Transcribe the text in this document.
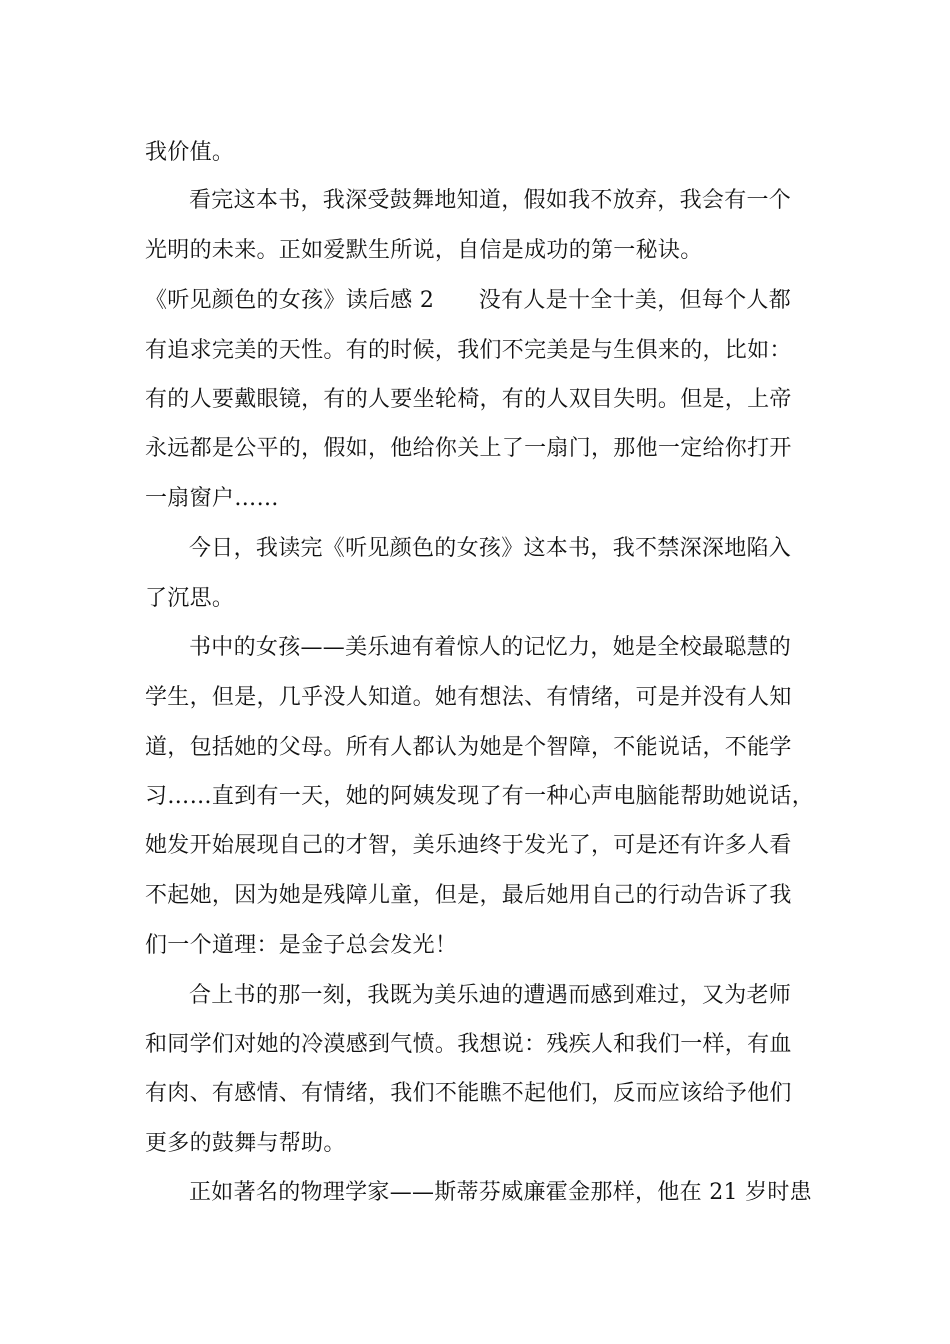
我价值。
看完这本书，我深受鼓舞地知道，假如我不放弃，我会有一个
光明的未来。正如爱默生所说，自信是成功的第一秘诀。
《听见颜色的女孩》读后感 2　　没有人是十全十美，但每个人都
有追求完美的天性。有的时候，我们不完美是与生俱来的，比如：
有的人要戴眼镜，有的人要坐轮椅，有的人双目失明。但是，上帝
永远都是公平的，假如，他给你关上了一扇门，那他一定给你打开
一扇窗户……
今日，我读完《听见颜色的女孩》这本书，我不禁深深地陷入
了沉思。
书中的女孩——美乐迪有着惊人的记忆力，她是全校最聪慧的
学生，但是，几乎没人知道。她有想法、有情绪，可是并没有人知
道，包括她的父母。所有人都认为她是个智障，不能说话，不能学
习……直到有一天，她的阿姨发现了有一种心声电脑能帮助她说话，
她发开始展现自己的才智，美乐迪终于发光了，可是还有许多人看
不起她，因为她是残障儿童，但是，最后她用自己的行动告诉了我
们一个道理：是金子总会发光！
合上书的那一刻，我既为美乐迪的遭遇而感到难过，又为老师
和同学们对她的冷漠感到气愤。我想说：残疾人和我们一样，有血
有肉、有感情、有情绪，我们不能瞧不起他们，反而应该给予他们
更多的鼓舞与帮助。
正如著名的物理学家——斯蒂芬威廉霍金那样，他在 21 岁时患
